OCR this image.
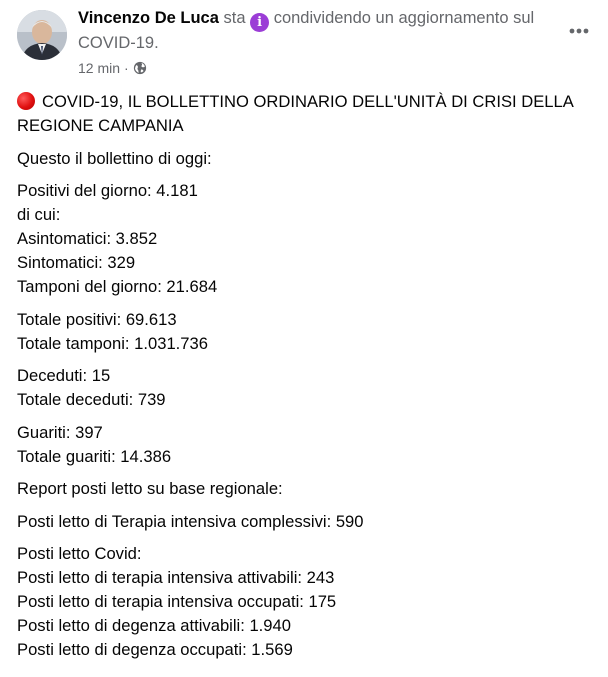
Vincenzo De Luca sta i condividendo un aggiornamento sul COVID-19.
12 min ·

COVID-19, IL BOLLETTINO ORDINARIO DELL'UNITÀ DI CRISI DELLA REGIONE CAMPANIA

Questo il bollettino di oggi:

Positivi del giorno: 4.181
di cui:
Asintomatici: 3.852
Sintomatici: 329
Tamponi del giorno: 21.684

Totale positivi: 69.613
Totale tamponi: 1.031.736

Deceduti: 15
Totale deceduti: 739

Guariti: 397
Totale guariti: 14.386

Report posti letto su base regionale:

Posti letto di Terapia intensiva complessivi: 590

Posti letto Covid:
Posti letto di terapia intensiva attivabili: 243
Posti letto di terapia intensiva occupati: 175
Posti letto di degenza attivabili: 1.940
Posti letto di degenza occupati: 1.569
